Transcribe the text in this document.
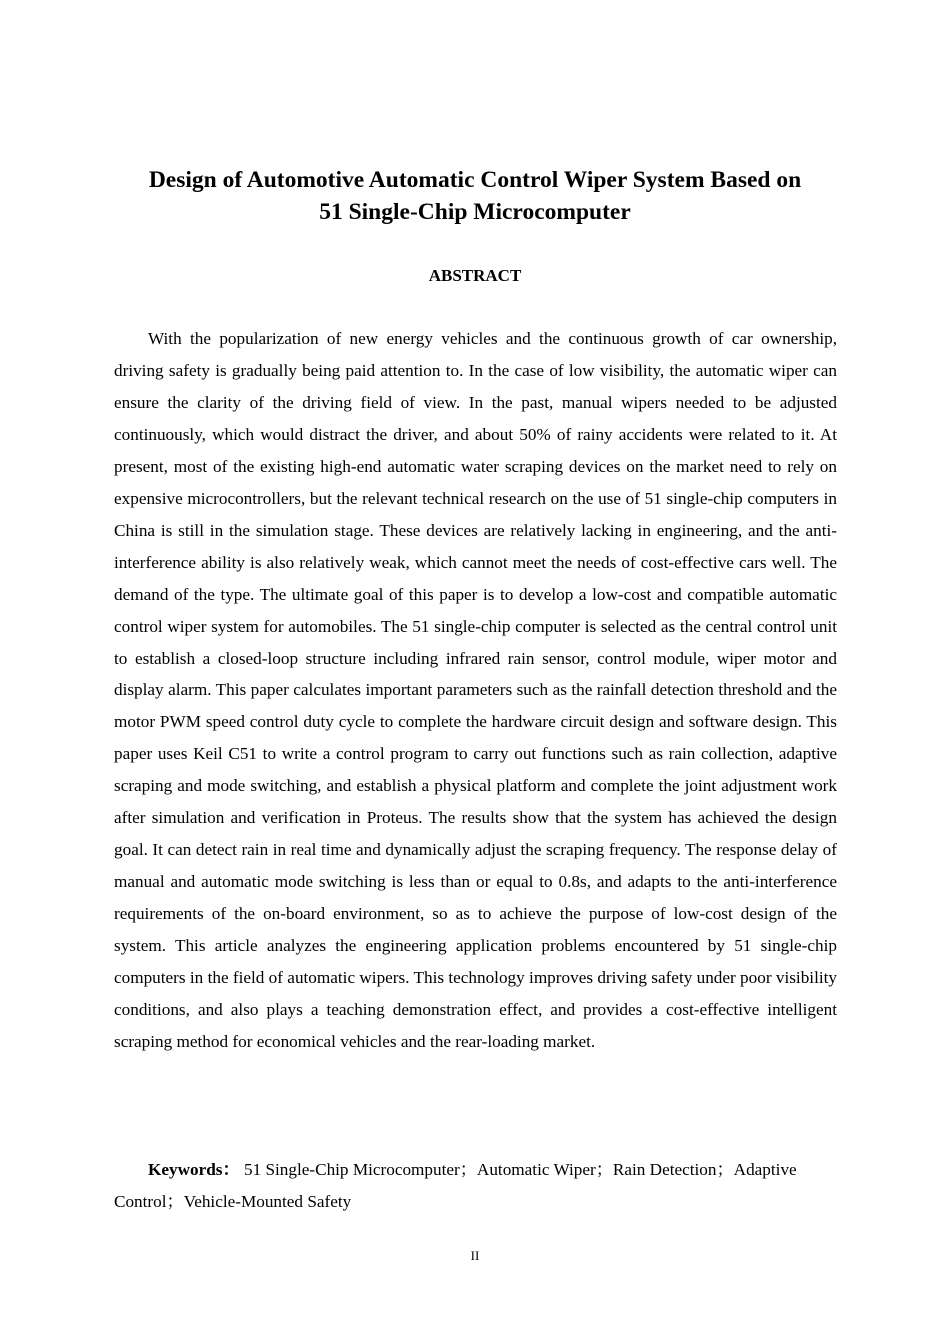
Design of Automotive Automatic Control Wiper System Based on
51 Single-Chip Microcomputer
ABSTRACT

With the popularization of new energy vehicles and the continuous growth of car ownership, driving safety is gradually being paid attention to. In the case of low visibility, the automatic wiper can ensure the clarity of the driving field of view. In the past, manual wipers needed to be adjusted continuously, which would distract the driver, and about 50% of rainy accidents were related to it. At present, most of the existing high-end automatic water scraping devices on the market need to rely on expensive microcontrollers, but the relevant technical research on the use of 51 single-chip computers in China is still in the simulation stage. These devices are relatively lacking in engineering, and the anti-interference ability is also relatively weak, which cannot meet the needs of cost-effective cars well. The demand of the type. The ultimate goal of this paper is to develop a low-cost and compatible automatic control wiper system for automobiles. The 51 single-chip computer is selected as the central control unit to establish a closed-loop structure including infrared rain sensor, control module, wiper motor and display alarm. This paper calculates important parameters such as the rainfall detection threshold and the motor PWM speed control duty cycle to complete the hardware circuit design and software design. This paper uses Keil C51 to write a control program to carry out functions such as rain collection, adaptive scraping and mode switching, and establish a physical platform and complete the joint adjustment work after simulation and verification in Proteus. The results show that the system has achieved the design goal. It can detect rain in real time and dynamically adjust the scraping frequency. The response delay of manual and automatic mode switching is less than or equal to 0.8s, and adapts to the anti-interference requirements of the on-board environment, so as to achieve the purpose of low-cost design of the system. This article analyzes the engineering application problems encountered by 51 single-chip computers in the field of automatic wipers. This technology improves driving safety under poor visibility conditions, and also plays a teaching demonstration effect, and provides a cost-effective intelligent scraping method for economical vehicles and the rear-loading market.

Keywords： 51 Single-Chip Microcomputer；Automatic Wiper；Rain Detection；Adaptive Control；Vehicle-Mounted Safety

II
